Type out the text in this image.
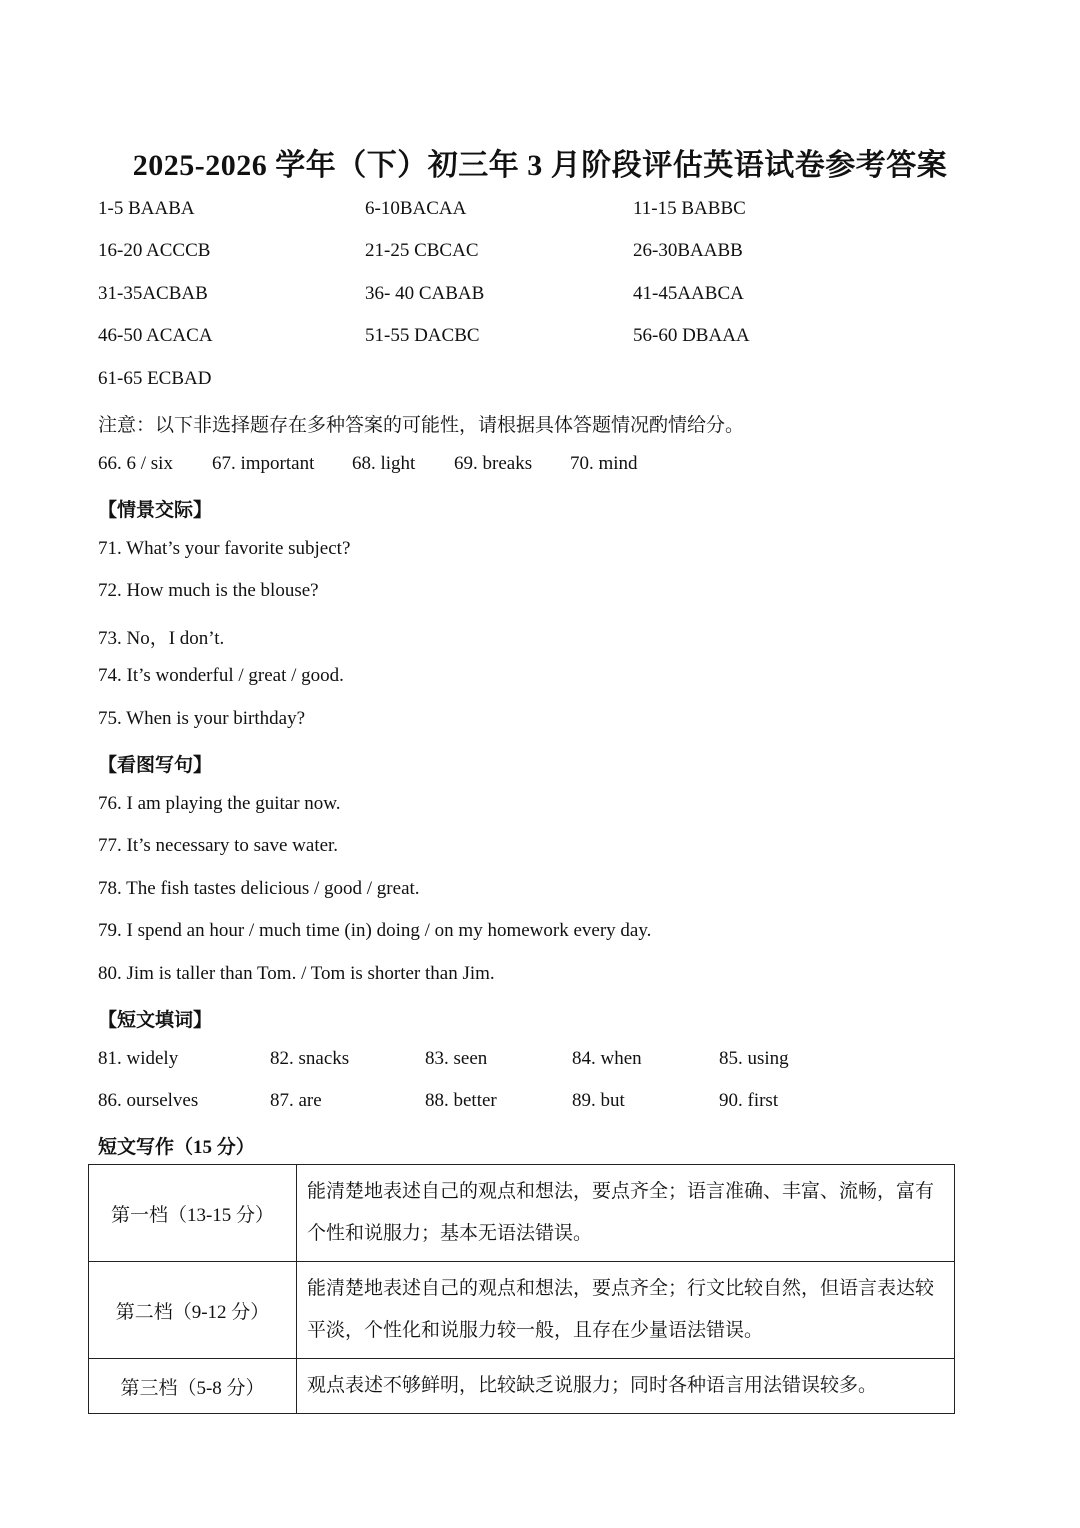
2025-2026 学年（下）初三年 3 月阶段评估英语试卷参考答案
1-5 BAABA	6-10BACAA	11-15 BABBC
16-20 ACCCB	21-25 CBCAC	26-30BAABB
31-35ACBAB	36- 40 CABAB	41-45AABCA
46-50 ACACA	51-55 DACBC	56-60 DBAAA
61-65 ECBAD
注意：以下非选择题存在多种答案的可能性，请根据具体答题情况酌情给分。
66. 6 / six 67. important 68. light 69. breaks 70. mind
【情景交际】
71. What’s your favorite subject?
72. How much is the blouse?
73. No，I don’t.
74. It’s wonderful / great / good.
75. When is your birthday?
【看图写句】
76. I am playing the guitar now.
77. It’s necessary to save water.
78. The fish tastes delicious / good / great.
79. I spend an hour / much time (in) doing / on my homework every day.
80. Jim is taller than Tom. / Tom is shorter than Jim.
【短文填词】
81. widely	82. snacks	83. seen	84. when	85. using
86. ourselves	87. are	88. better	89. but	90. first
短文写作（15 分）
第一档（13-15 分）	能清楚地表述自己的观点和想法，要点齐全；语言准确、丰富、流畅，富有个性和说服力；基本无语法错误。
第二档（9-12 分）	能清楚地表述自己的观点和想法，要点齐全；行文比较自然，但语言表达较平淡，个性化和说服力较一般，且存在少量语法错误。
第三档（5-8 分）	观点表述不够鲜明，比较缺乏说服力；同时各种语言用法错误较多。
